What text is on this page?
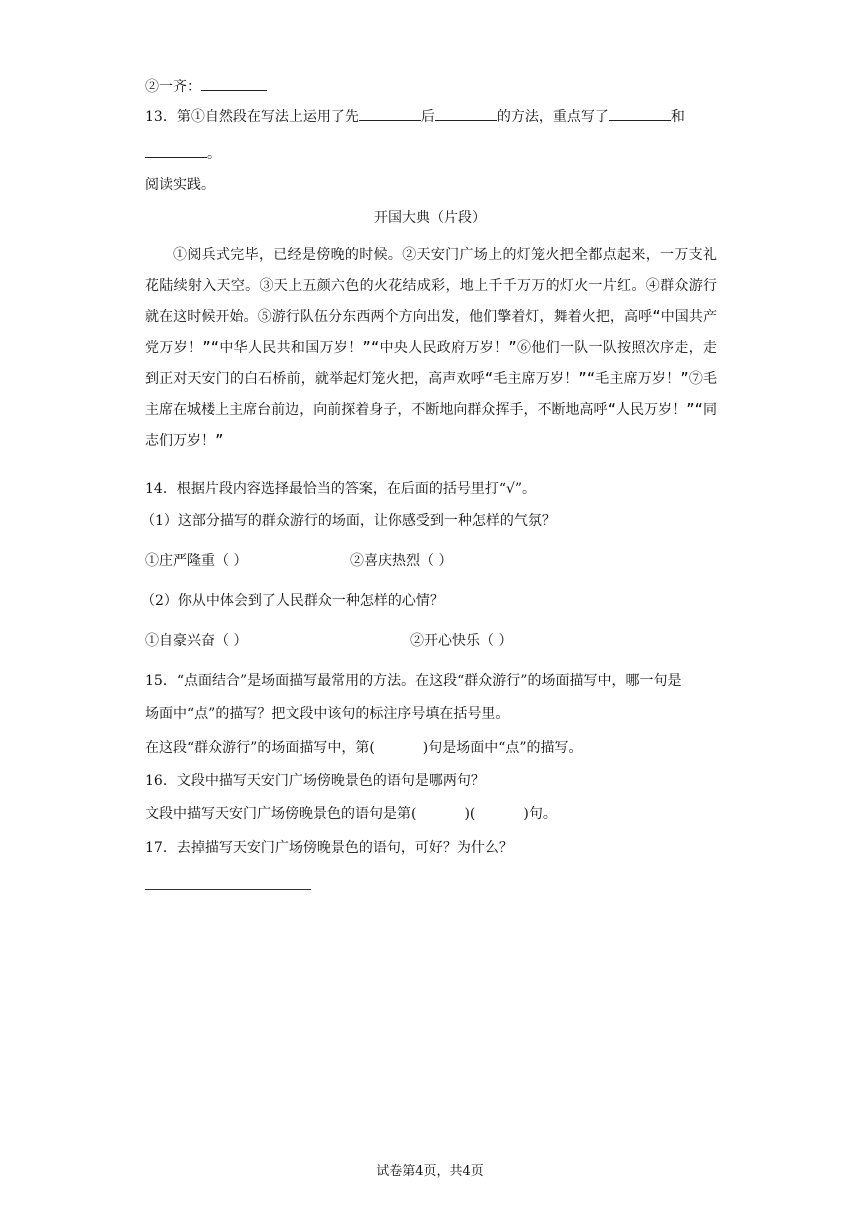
②一齐：
13．第①自然段在写法上运用了先	后	的方法，重点写了	和
。
阅读实践。
开国大典（片段）

①阅兵式完毕，已经是傍晚的时候。②天安门广场上的灯笼火把全都点起来，一万支礼花陆续射入天空。③天上五颜六色的火花结成彩，地上千千万万的灯火一片红。④群众游行就在这时候开始。⑤游行队伍分东西两个方向出发，他们擎着灯，舞着火把，高呼“中国共产党万岁！”“中华人民共和国万岁！”“中央人民政府万岁！”⑥他们一队一队按照次序走，走到正对天安门的白石桥前，就举起灯笼火把，高声欢呼“毛主席万岁！”“毛主席万岁！”⑦毛主席在城楼上主席台前边，向前探着身子，不断地向群众挥手，不断地高呼“人民万岁！”“同志们万岁！”

14．根据片段内容选择最恰当的答案，在后面的括号里打“√”。
（1）这部分描写的群众游行的场面，让你感受到一种怎样的气氛？
①庄严隆重（ ）	②喜庆热烈（ ）
（2）你从中体会到了人民群众一种怎样的心情？
①自豪兴奋（ ）	②开心快乐（ ）
15．“点面结合”是场面描写最常用的方法。在这段“群众游行”的场面描写中，哪一句是
场面中“点”的描写？把文段中该句的标注序号填在括号里。
在这段“群众游行”的场面描写中，第(	)句是场面中“点”的描写。
16．文段中描写天安门广场傍晚景色的语句是哪两句？
文段中描写天安门广场傍晚景色的语句是第(	)(	)句。
17．去掉描写天安门广场傍晚景色的语句，可好？为什么？
试卷第4页，共4页
